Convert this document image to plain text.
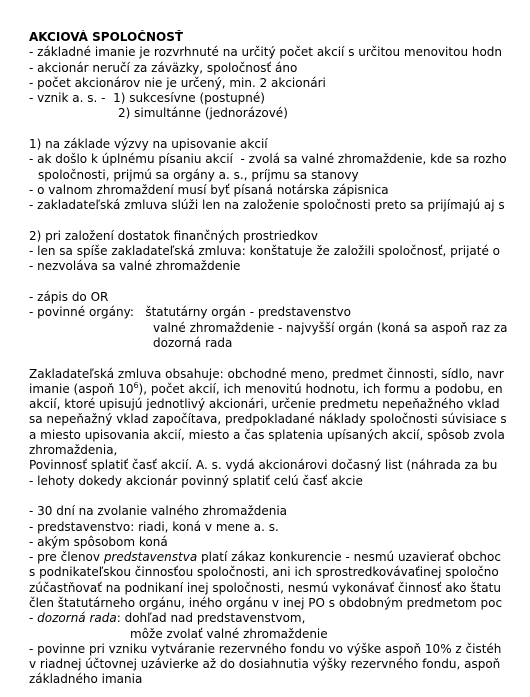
AKCIOVÁ SPOLOČNOSŤ
- základné imanie je rozvrhnuté na určitý počet akcií s určitou menovitou hodn
- akcionár neručí za záväzky, spoločnosť áno
- počet akcionárov nie je určený, min. 2 akcionári
- vznik a. s. -  1) sukcesívne (postupné)
2) simultánne (jednorázové)
1) na základe výzvy na upisovanie akcií
- ak došlo k úplnému písaniu akcií  - zvolá sa valné zhromaždenie, kde sa rozho
spoločnosti, prijmú sa orgány a. s., príjmu sa stanovy
- o valnom zhromaždení musí byť písaná notárska zápisnica
- zakladateľská zmluva slúži len na založenie spoločnosti preto sa prijímajú aj s
2) pri založení dostatok finančných prostriedkov
- len sa spíše zakladateľská zmluva: konštatuje že založili spoločnosť, prijaté o
- nezvoláva sa valné zhromaždenie
- zápis do OR
- povinné orgány: štatutárny orgán - predstavenstvo
valné zhromaždenie - najvyšší orgán (koná sa aspoň raz za
dozorná rada
Zakladateľská zmluva obsahuje: obchodné meno, predmet činnosti, sídlo, navr
imanie (aspoň $10^6$), počet akcií, ich menovitú hodnotu, ich formu a podobu, en
akcií, ktoré upisujú jednotlivý akcionári, určenie predmetu nepeňažného vklad
sa nepeňažný vklad započítava, predpokladané náklady spoločnosti súvisiace s
a miesto upisovania akcií, miesto a čas splatenia upísaných akcií, spôsob zvola
zhromaždenia,
Povinnosť splatiť časť akcií. A. s. vydá akcionárovi dočasný list (náhrada za bu
- lehoty dokedy akcionár povinný splatiť celú časť akcie
- 30 dní na zvolanie valného zhromaždenia
- predstavenstvo: riadi, koná v mene a. s.
- akým spôsobom koná
- pre členov predstavenstva platí zákaz konkurencie - nesmú uzavierať obchoc
s podnikateľskou činnosťou spoločnosti, ani ich sprostredkovávaťinej spoločno
zúčastňovať na podnikaní inej spoločnosti, nesmú vykonávať činnosť ako štatu
člen štatutárneho orgánu, iného orgánu v inej PO s obdobným predmetom poc
- dozorná rada: dohľad nad predstavenstvom,
môže zvolať valné zhromaždenie
- povinne pri vzniku vytváranie rezervného fondu vo výške aspoň 10% z čistéh
v riadnej účtovnej uzávierke až do dosiahnutia výšky rezervného fondu, aspoň
základného imania
